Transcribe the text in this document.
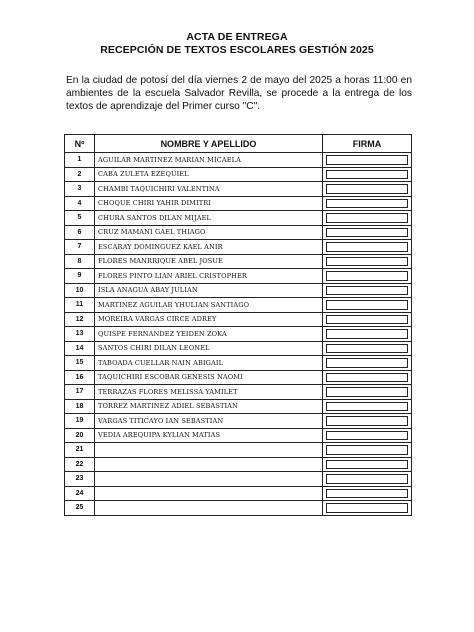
ACTA DE ENTREGA
RECEPCIÓN DE TEXTOS ESCOLARES GESTIÓN 2025
En la ciudad de potosí del día viernes 2 de mayo del 2025 a horas 11:00 en ambientes de la escuela Salvador Revilla, se procede a la entrega de los textos de aprendizaje del Primer curso "C".
Nº	NOMBRE Y APELLIDO	FIRMA
1	AGUILAR MARTINEZ MARIAN MICAELA	

2	CABA ZULETA EZEQUIEL	

3	CHAMBI TAQUICHIRI VALENTINA	

4	CHOQUE CHIRI YAHIR DIMITRI	

5	CHURA SANTOS DILAN MIJAEL	

6	CRUZ MAMANI GAEL THIAGO	

7	ESCARAY DOMINGUEZ KAEL ANIR	

8	FLORES MANRRIQUE ABEL JOSUE	

9	FLORES PINTO LIAN ARIEL CRISTOPHER	

10	ISLA ANAGUA ABAY JULIAN	

11	MARTINEZ AGUILAR YHULIAN SANTIAGO	

12	MOREIRA VARGAS CIRCE ADREY	

13	QUISPE FERNANDEZ YEIDEN ZOKA	

14	SANTOS CHIRI DILAN LEONEL	

15	TABOADA CUELLAR NAIN ABIGAIL	

16	TAQUICHIRI ESCOBAR GENESIS NAOMI	

17	TERRAZAS FLORES MELISSA YAMILET	

18	TORREZ MARTINEZ ADIEL SEBASTIAN	

19	VARGAS TITICAYO IAN SEBASTIAN	

20	VEDIA AREQUIPA KYLIAN MATIAS	

21		

22		

23		

24		

25		
